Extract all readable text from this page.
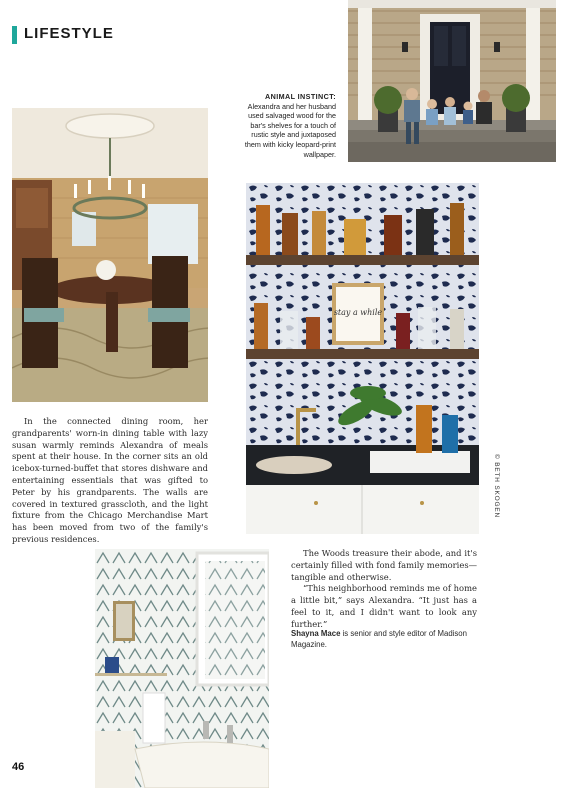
LIFESTYLE
ANIMAL INSTINCT:
Alexandra and her husband used salvaged wood for the bar's shelves for a touch of rustic style and juxtaposed them with kicky leopard-print wallpaper.

In the connected dining room, her grandparents' worn-in dining table with lazy susan warmly reminds Alexandra of meals spent at their house. In the corner sits an old icebox-turned-buffet that stores dishware and entertaining essentials that was gifted to Peter by his grandparents. The walls are covered in textured grasscloth, and the light fixture from the Chicago Merchandise Mart has been moved from two of the family's previous residences.

stay a while
© BETH SKOGEN

The Woods treasure their abode, and it's certainly filled with fond family memories—tangible and otherwise.

“This neighborhood reminds me of home a little bit,” says Alexandra. “It just has a feel to it, and I didn't want to look any further.”

Shayna Mace is senior and style editor of Madison Magazine.
46
